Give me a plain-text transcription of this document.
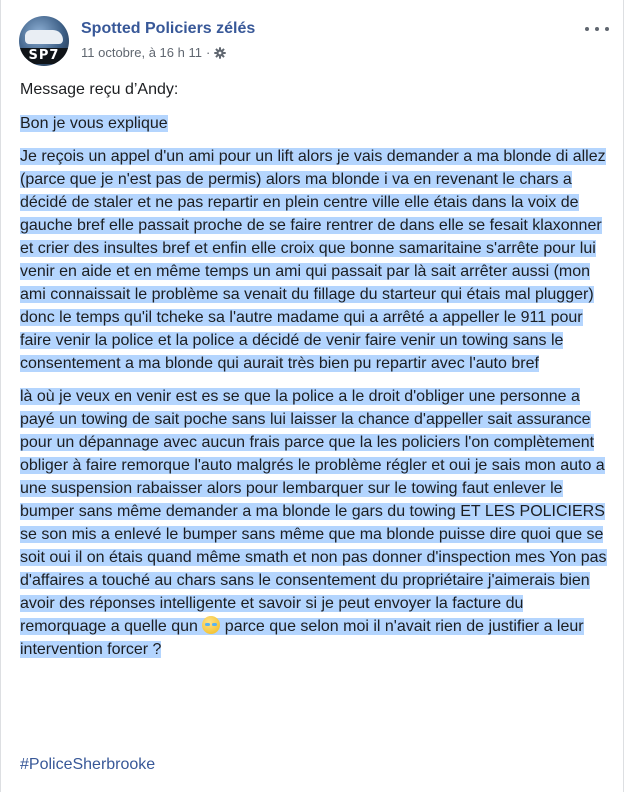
SP7
Spotted Policiers zélés
11 octobre, à 16 h 11 ·

Message reçu d’Andy:

Bon je vous explique

Je reçois un appel d'un ami pour un lift alors je vais demander a ma blonde di allez (parce que je n'est pas de permis) alors ma blonde i va en revenant le chars a décidé de staler et ne pas repartir en plein centre ville elle étais dans la voix de gauche bref elle passait proche de se faire rentrer de dans elle se fesait klaxonner et crier des insultes bref et enfin elle croix que bonne samaritaine s'arrête pour lui venir en aide et en même temps un ami qui passait par là sait arrêter aussi (mon ami connaissait le problème sa venait du fillage du starteur qui étais mal plugger) donc le temps qu'il tcheke sa l'autre madame qui a arrêté a appeller le 911 pour faire venir la police et la police a décidé de venir faire venir un towing sans le consentement a ma blonde qui aurait très bien pu repartir avec l'auto bref

là où je veux en venir est es se que la police a le droit d'obliger une personne a payé un towing de sait poche sans lui laisser la chance d'appeller sait assurance pour un dépannage avec aucun frais parce que la les policiers l'on complètement obliger à faire remorque l'auto malgrés le problème régler et oui je sais mon auto a une suspension rabaisser alors pour lembarquer sur le towing faut enlever le bumper sans même demander a ma blonde le gars du towing ET LES POLICIERS se son mis a enlevé le bumper sans même que ma blonde puisse dire quoi que se soit oui il on étais quand même smath et non pas donner d'inspection mes Yon pas d'affaires a touché au chars sans le consentement du propriétaire j'aimerais bien avoir des réponses intelligente et savoir si je peut envoyer la facture du remorquage a quelle qun  parce que selon moi il n'avait rien de justifier a leur intervention forcer ?

#PoliceSherbrooke
